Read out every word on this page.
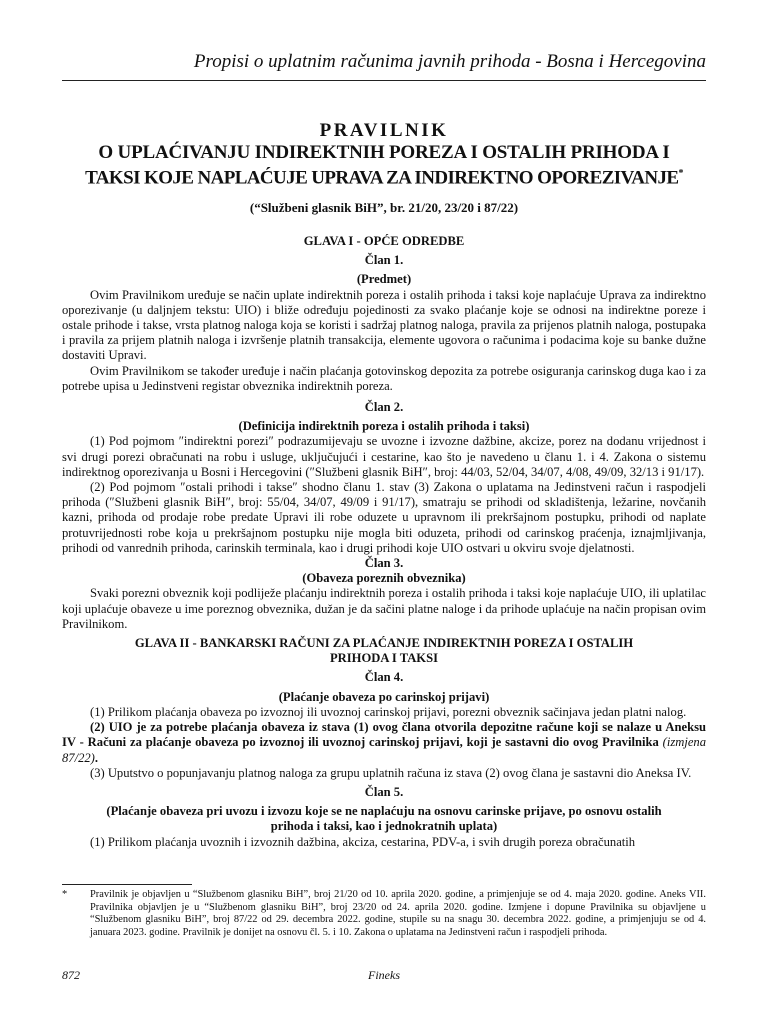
Propisi o uplatnim računima javnih prihoda - Bosna i Hercegovina
PRAVILNIK
O UPLAĆIVANJU INDIREKTNIH POREZA I OSTALIH PRIHODA I
TAKSI KOJE NAPLAĆUJE UPRAVA ZA INDIREKTNO OPOREZIVANJE*
(“Službeni glasnik BiH”, br. 21/20, 23/20 i 87/22)

GLAVA I - OPĆE ODREDBE

Član 1.

(Predmet)

Ovim Pravilnikom uređuje se način uplate indirektnih poreza i ostalih prihoda i taksi koje naplaćuje Uprava za indirektno oporezivanje (u daljnjem tekstu: UIO) i bliže određuju pojedinosti za svako plaćanje koje se odnosi na indirektne poreze i ostale prihode i takse, vrsta platnog naloga koja se koristi i sadržaj platnog naloga, pravila za prijenos platnih naloga, postupaka i pravila za prijem platnih naloga i izvršenje platnih transakcija, elemente ugovora o računima i podacima koje su banke dužne dostaviti Upravi.

Ovim Pravilnikom se također uređuje i način plaćanja gotovinskog depozita za potrebe osiguranja carinskog duga kao i za potrebe upisa u Jedinstveni registar obveznika indirektnih poreza.

Član 2.

(Definicija indirektnih poreza i ostalih prihoda i taksi)

(1) Pod pojmom ″indirektni porezi″ podrazumijevaju se uvozne i izvozne dažbine, akcize, porez na dodanu vrijednost i svi drugi porezi obračunati na robu i usluge, uključujući i cestarine, kao što je navedeno u članu 1. i 4. Zakona o sistemu indirektnog oporezivanja u Bosni i Hercegovini (″Službeni glasnik BiH″, broj: 44/03, 52/04, 34/07, 4/08, 49/09, 32/13 i 91/17).

(2) Pod pojmom ″ostali prihodi i takse″ shodno članu 1. stav (3) Zakona o uplatama na Jedinstveni račun i raspodjeli prihoda (″Službeni glasnik BiH″, broj: 55/04, 34/07, 49/09 i 91/17), smatraju se prihodi od skladištenja, ležarine, novčanih kazni, prihoda od prodaje robe predate Upravi ili robe oduzete u upravnom ili prekršajnom postupku, prihodi od naplate protuvrijednosti robe koja u prekršajnom postupku nije mogla biti oduzeta, prihodi od carinskog praćenja, iznajmljivanja, prihodi od vanrednih prihoda, carinskih terminala, kao i drugi prihodi koje UIO ostvari u okviru svoje djelatnosti.

Član 3.

(Obaveza poreznih obveznika)

Svaki porezni obveznik koji podliježe plaćanju indirektnih poreza i ostalih prihoda i taksi koje naplaćuje UIO, ili uplatilac koji uplaćuje obaveze u ime poreznog obveznika, dužan je da sačini platne naloge i da prihode uplaćuje na način propisan ovim Pravilnikom.

GLAVA II - BANKARSKI RAČUNI ZA PLAĆANJE INDIREKTNIH POREZA I OSTALIH

PRIHODA I TAKSI

Član 4.

(Plaćanje obaveza po carinskoj prijavi)

(1) Prilikom plaćanja obaveza po izvoznoj ili uvoznoj carinskoj prijavi, porezni obveznik sačinjava jedan platni nalog.

(2) UIO je za potrebe plaćanja obaveza iz stava (1) ovog člana otvorila depozitne račune koji se nalaze u Aneksu IV - Računi za plaćanje obaveza po izvoznoj ili uvoznoj carinskoj prijavi, koji je sastavni dio ovog Pravilnika (izmjena 87/22).

(3) Uputstvo o popunjavanju platnog naloga za grupu uplatnih računa iz stava (2) ovog člana je sastavni dio Aneksa IV.

Član 5.

(Plaćanje obaveza pri uvozu i izvozu koje se ne naplaćuju na osnovu carinske prijave, po osnovu ostalih

prihoda i taksi, kao i jednokratnih uplata)

(1) Prilikom plaćanja uvoznih i izvoznih dažbina, akciza, cestarina, PDV-a, i svih drugih poreza obračunatih

* Pravilnik je objavljen u “Službenom glasniku BiH”, broj 21/20 od 10. aprila 2020. godine, a primjenjuje se od 4. maja 2020. godine. Aneks VII. Pravilnika objavljen je u “Službenom glasniku BiH”, broj 23/20 od 24. aprila 2020. godine. Izmjene i dopune Pravilnika su objavljene u “Službenom glasniku BiH”, broj 87/22 od 29. decembra 2022. godine, stupile su na snagu 30. decembra 2022. godine, a primjenjuju se od 4. januara 2023. godine. Pravilnik je donijet na osnovu čl. 5. i 10. Zakona o uplatama na Jedinstveni račun i raspodjeli prihoda.
872	Fineks
